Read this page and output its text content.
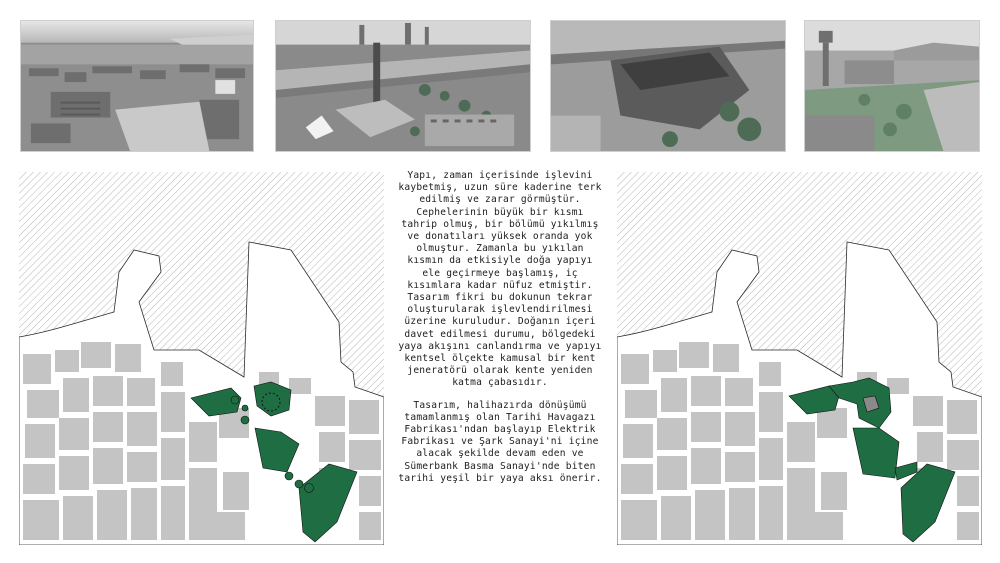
Yapı, zaman içerisinde işlevini kaybetmiş, uzun süre kaderine terk edilmiş ve zarar görmüştür. Cephelerinin büyük bir kısmı tahrip olmuş, bir bölümü yıkılmış ve donatıları yüksek oranda yok olmuştur. Zamanla bu yıkılan kısmın da etkisiyle doğa yapıyı ele geçirmeye başlamış, iç kısımlara kadar nüfuz etmiştir. Tasarım fikri bu dokunun tekrar oluşturularak işlevlendirilmesi üzerine kuruludur. Doğanın içeri davet edilmesi durumu, bölgedeki yaya akışını canlandırma ve yapıyı kentsel ölçekte kamusal bir kent jeneratörü olarak kente yeniden katma çabasıdır.

Tasarım, halihazırda dönüşümü tamamlanmış olan Tarihi Havagazı Fabrikası'ndan başlayıp Elektrik Fabrikası ve Şark Sanayi'ni içine alacak şekilde devam eden ve Sümerbank Basma Sanayi'nde biten tarihi yeşil bir yaya aksı önerir.
